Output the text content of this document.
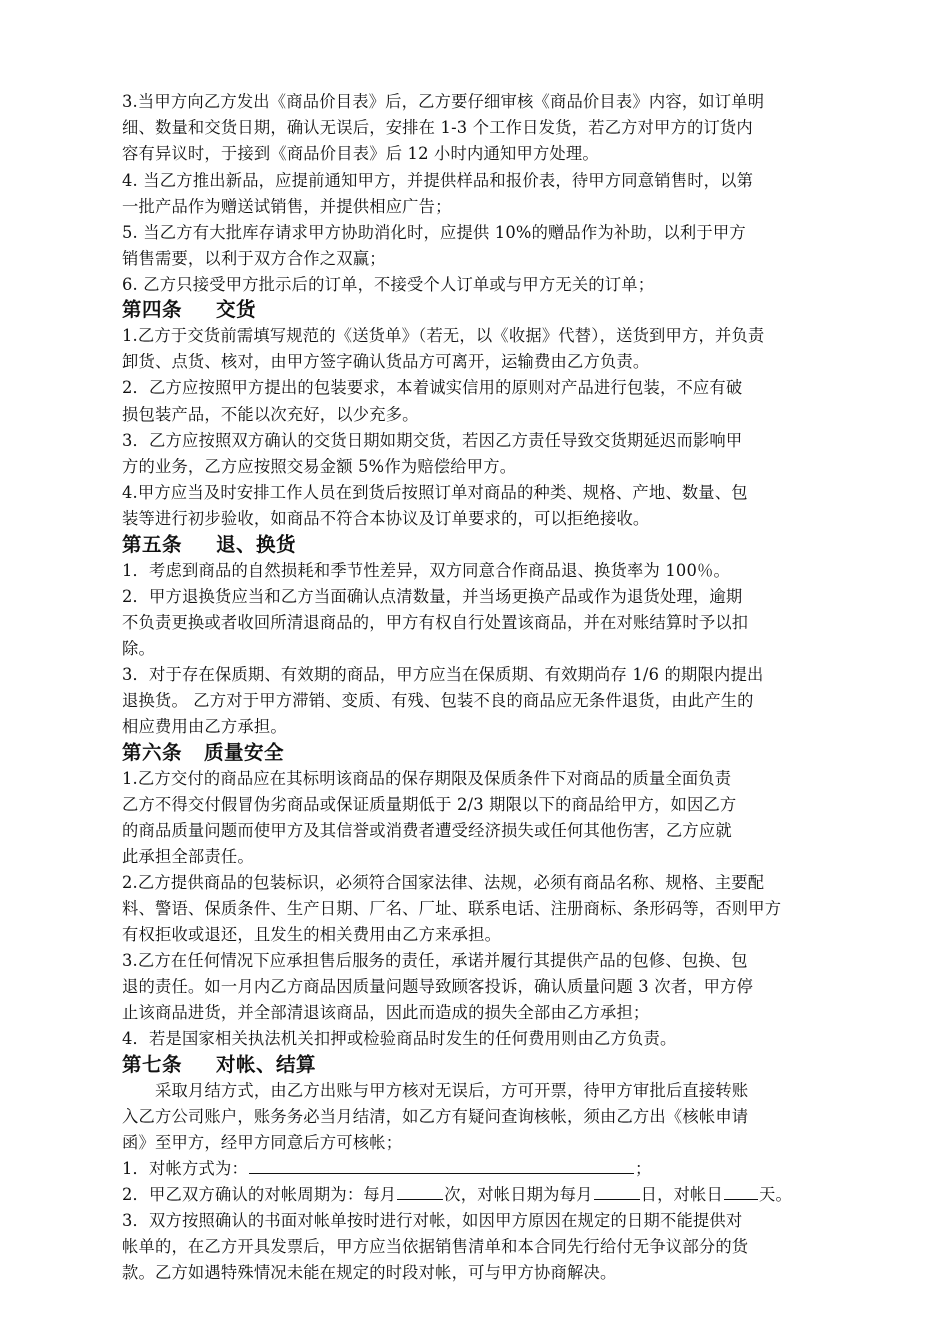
3.当甲方向乙方发出《商品价目表》后，乙方要仔细审核《商品价目表》内容，如订单明

细、数量和交货日期，确认无误后，安排在 1-3 个工作日发货，若乙方对甲方的订货内

容有异议时，于接到《商品价目表》后 12 小时内通知甲方处理。

4. 当乙方推出新品，应提前通知甲方，并提供样品和报价表，待甲方同意销售时，以第

一批产品作为赠送试销售，并提供相应广告；

5. 当乙方有大批库存请求甲方协助消化时，应提供 10%的赠品作为补助，以利于甲方

销售需要，以利于双方合作之双赢；

6. 乙方只接受甲方批示后的订单，不接受个人订单或与甲方无关的订单；

第四条 交货

1.乙方于交货前需填写规范的《送货单》（若无，以《收据》代替），送货到甲方，并负责

卸货、点货、核对，由甲方签字确认货品方可离开，运输费由乙方负责。

2．乙方应按照甲方提出的包装要求，本着诚实信用的原则对产品进行包装，不应有破

损包装产品，不能以次充好，以少充多。

3．乙方应按照双方确认的交货日期如期交货，若因乙方责任导致交货期延迟而影响甲

方的业务，乙方应按照交易金额 5%作为赔偿给甲方。

4.甲方应当及时安排工作人员在到货后按照订单对商品的种类、规格、产地、数量、包

装等进行初步验收，如商品不符合本协议及订单要求的，可以拒绝接收。

第五条 退、换货

1．考虑到商品的自然损耗和季节性差异，双方同意合作商品退、换货率为 100％。

2．甲方退换货应当和乙方当面确认点清数量，并当场更换产品或作为退货处理，逾期

不负责更换或者收回所清退商品的，甲方有权自行处置该商品，并在对账结算时予以扣

除。

3．对于存在保质期、有效期的商品，甲方应当在保质期、有效期尚存 1/6 的期限内提出

退换货。 乙方对于甲方滞销、变质、有残、包装不良的商品应无条件退货，由此产生的

相应费用由乙方承担。

第六条 质量安全

1.乙方交付的商品应在其标明该商品的保存期限及保质条件下对商品的质量全面负责

乙方不得交付假冒伪劣商品或保证质量期低于 2/3 期限以下的商品给甲方，如因乙方

的商品质量问题而使甲方及其信誉或消费者遭受经济损失或任何其他伤害，乙方应就

此承担全部责任。

2.乙方提供商品的包装标识，必须符合国家法律、法规，必须有商品名称、规格、主要配

料、警语、保质条件、生产日期、厂名、厂址、联系电话、注册商标、条形码等，否则甲方

有权拒收或退还，且发生的相关费用由乙方来承担。

3.乙方在任何情况下应承担售后服务的责任，承诺并履行其提供产品的包修、包换、包

退的责任。如一月内乙方商品因质量问题导致顾客投诉，确认质量问题 3 次者，甲方停

止该商品进货，并全部清退该商品，因此而造成的损失全部由乙方承担；

4．若是国家相关执法机关扣押或检验商品时发生的任何费用则由乙方负责。

第七条 对帐、结算

采取月结方式，由乙方出账与甲方核对无误后，方可开票，待甲方审批后直接转账

入乙方公司账户，账务务必当月结清，如乙方有疑问查询核帐，须由乙方出《核帐申请

函》至甲方，经甲方同意后方可核帐；

1．对帐方式为：	；

2．甲乙双方确认的对帐周期为：每月	次，对帐日期为每月	日，对帐日 天。

3．双方按照确认的书面对帐单按时进行对帐，如因甲方原因在规定的日期不能提供对

帐单的，在乙方开具发票后，甲方应当依据销售清单和本合同先行给付无争议部分的货

款。乙方如遇特殊情况未能在规定的时段对帐，可与甲方协商解决。
